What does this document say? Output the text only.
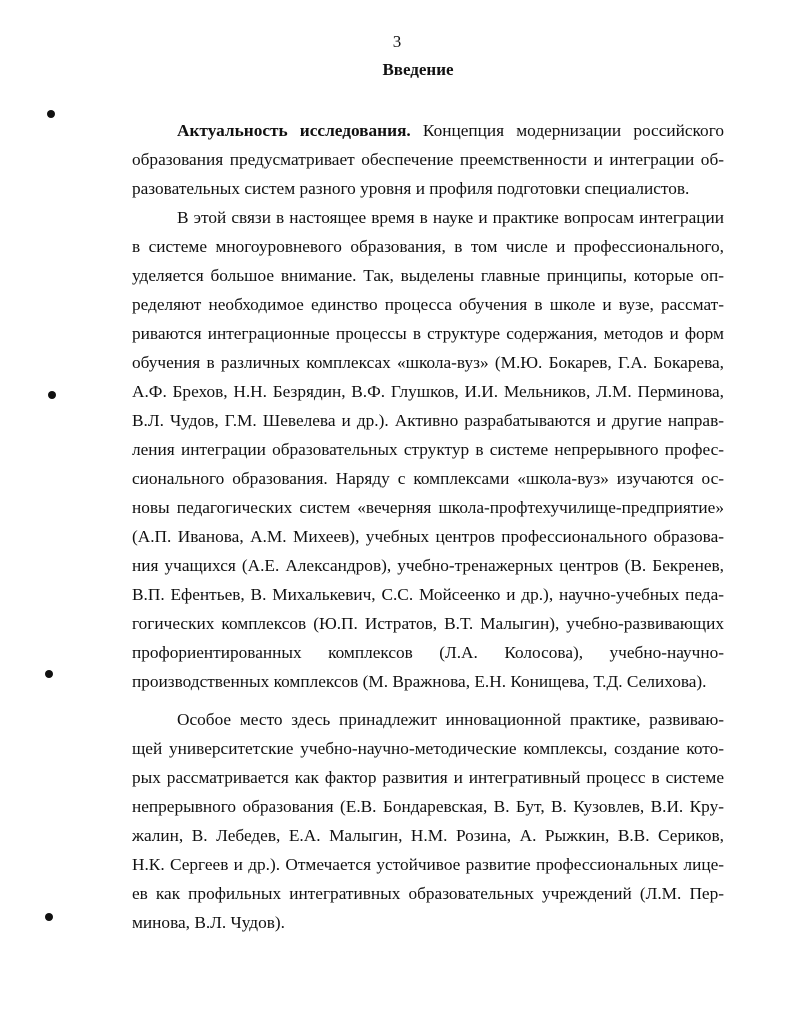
3
Введение
Актуальность исследования. Концепция модернизации российского
образования предусматривает обеспечение преемственности и интеграции об-
разовательных систем разного уровня и профиля подготовки специалистов.
В этой связи в настоящее время в науке и практике вопросам интеграции
в системе многоуровневого образования, в том числе и профессионального,
уделяется большое внимание. Так, выделены главные принципы, которые оп-
ределяют необходимое единство процесса обучения в школе и вузе, рассмат-
риваются интеграционные процессы в структуре содержания, методов и форм
обучения в различных комплексах «школа-вуз» (М.Ю. Бокарев, Г.А. Бокарева,
А.Ф. Брехов, Н.Н. Безрядин, В.Ф. Глушков, И.И. Мельников, Л.М. Перминова,
В.Л. Чудов, Г.М. Шевелева и др.). Активно разрабатываются и другие направ-
ления интеграции образовательных структур в системе непрерывного профес-
сионального образования. Наряду с комплексами «школа-вуз» изучаются ос-
новы педагогических систем «вечерняя школа-профтехучилище-предприятие»
(А.П. Иванова, А.М. Михеев), учебных центров профессионального образова-
ния учащихся (А.Е. Александров), учебно-тренажерных центров (В. Бекренев,
В.П. Ефентьев, В. Михалькевич, С.С. Мойсеенко и др.), научно-учебных педа-
гогических комплексов (Ю.П. Истратов, В.Т. Малыгин), учебно-развивающих
профориентированных комплексов (Л.А. Колосова), учебно-научно-
производственных комплексов (М. Вражнова, Е.Н. Конищева, Т.Д. Селихова).
Особое место здесь принадлежит инновационной практике, развиваю-
щей университетские учебно-научно-методические комплексы, создание кото-
рых рассматривается как фактор развития и интегративный процесс в системе
непрерывного образования (Е.В. Бондаревская, В. Бут, В. Кузовлев, В.И. Кру-
жалин, В. Лебедев, Е.А. Малыгин, Н.М. Розина, А. Рыжкин, В.В. Сериков,
Н.К. Сергеев и др.). Отмечается устойчивое развитие профессиональных лице-
ев как профильных интегративных образовательных учреждений (Л.М. Пер-
минова, В.Л. Чудов).
